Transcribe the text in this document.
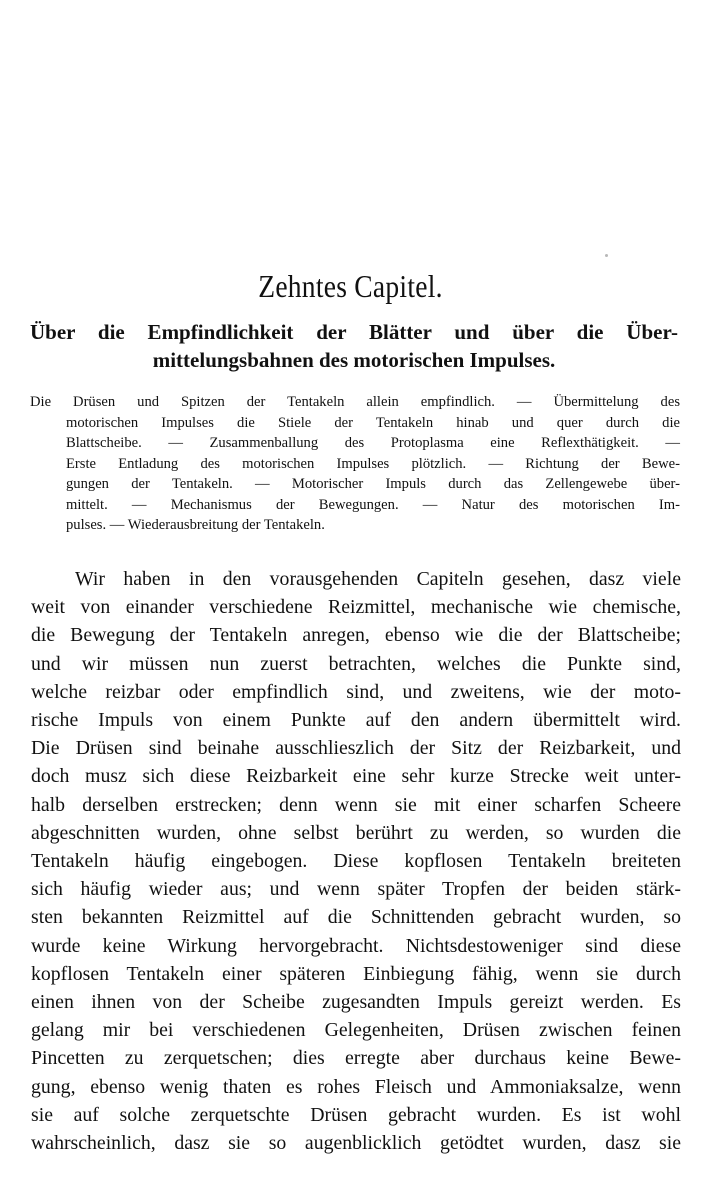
Zehntes Capitel.
Über die Empfindlichkeit der Blätter und über die Über-
mittelungsbahnen des motorischen Impulses.
Die Drüsen und Spitzen der Tentakeln allein empfindlich. — Übermittelung des
motorischen Impulses die Stiele der Tentakeln hinab und quer durch die
Blattscheibe. — Zusammenballung des Protoplasma eine Reflexthätigkeit. —
Erste Entladung des motorischen Impulses plötzlich. — Richtung der Bewe-
gungen der Tentakeln. — Motorischer Impuls durch das Zellengewebe über-
mittelt. — Mechanismus der Bewegungen. — Natur des motorischen Im-
pulses. — Wiederausbreitung der Tentakeln.
Wir haben in den vorausgehenden Capiteln gesehen, dasz viele
weit von einander verschiedene Reizmittel, mechanische wie chemische,
die Bewegung der Tentakeln anregen, ebenso wie die der Blattscheibe;
und wir müssen nun zuerst betrachten, welches die Punkte sind,
welche reizbar oder empfindlich sind, und zweitens, wie der moto-
rische Impuls von einem Punkte auf den andern übermittelt wird.
Die Drüsen sind beinahe ausschlieszlich der Sitz der Reizbarkeit, und
doch musz sich diese Reizbarkeit eine sehr kurze Strecke weit unter-
halb derselben erstrecken; denn wenn sie mit einer scharfen Scheere
abgeschnitten wurden, ohne selbst berührt zu werden, so wurden die
Tentakeln häufig eingebogen. Diese kopflosen Tentakeln breiteten
sich häufig wieder aus; und wenn später Tropfen der beiden stärk-
sten bekannten Reizmittel auf die Schnittenden gebracht wurden, so
wurde keine Wirkung hervorgebracht. Nichtsdestoweniger sind diese
kopflosen Tentakeln einer späteren Einbiegung fähig, wenn sie durch
einen ihnen von der Scheibe zugesandten Impuls gereizt werden. Es
gelang mir bei verschiedenen Gelegenheiten, Drüsen zwischen feinen
Pincetten zu zerquetschen; dies erregte aber durchaus keine Bewe-
gung, ebenso wenig thaten es rohes Fleisch und Ammoniaksalze, wenn
sie auf solche zerquetschte Drüsen gebracht wurden. Es ist wohl
wahrscheinlich, dasz sie so augenblicklich getödtet wurden, dasz sie
